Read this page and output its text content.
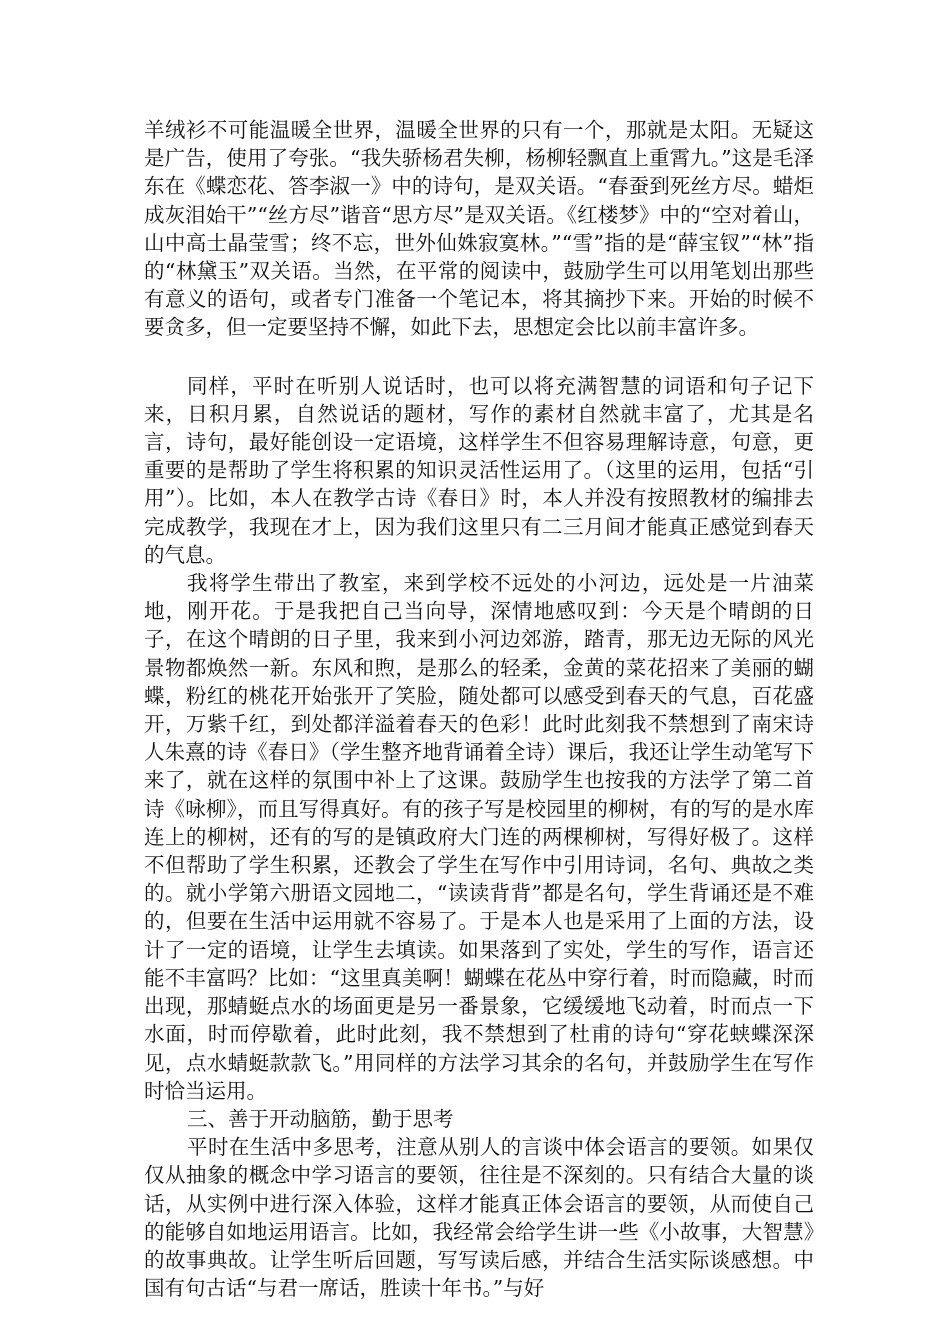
羊绒衫不可能温暖全世界，温暖全世界的只有一个，那就是太阳。无疑这是广告，使用了夸张。“我失骄杨君失柳，杨柳轻飘直上重霄九。”这是毛泽东在《蝶恋花、答李淑一》中的诗句，是双关语。“春蚕到死丝方尽。蜡炬成灰泪始干”“丝方尽”谐音“思方尽”是双关语。《红楼梦》中的“空对着山，山中高士晶莹雪；终不忘，世外仙姝寂寞林。”“雪”指的是“薛宝钗”“林”指的“林黛玉”双关语。当然，在平常的阅读中，鼓励学生可以用笔划出那些有意义的语句，或者专门准备一个笔记本，将其摘抄下来。开始的时候不要贪多，但一定要坚持不懈，如此下去，思想定会比以前丰富许多。

同样，平时在听别人说话时，也可以将充满智慧的词语和句子记下来，日积月累，自然说话的题材，写作的素材自然就丰富了，尤其是名言，诗句，最好能创设一定语境，这样学生不但容易理解诗意，句意，更重要的是帮助了学生将积累的知识灵活性运用了。（这里的运用，包括“引用”）。比如，本人在教学古诗《春日》时，本人并没有按照教材的编排去完成教学，我现在才上，因为我们这里只有二三月间才能真正感觉到春天的气息。

我将学生带出了教室，来到学校不远处的小河边，远处是一片油菜地，刚开花。于是我把自己当向导，深情地感叹到：今天是个晴朗的日子，在这个晴朗的日子里，我来到小河边郊游，踏青，那无边无际的风光景物都焕然一新。东风和煦，是那么的轻柔，金黄的菜花招来了美丽的蝴蝶，粉红的桃花开始张开了笑脸，随处都可以感受到春天的气息，百花盛开，万紫千红，到处都洋溢着春天的色彩！此时此刻我不禁想到了南宋诗人朱熹的诗《春日》（学生整齐地背诵着全诗）课后，我还让学生动笔写下来了，就在这样的氛围中补上了这课。鼓励学生也按我的方法学了第二首诗《咏柳》，而且写得真好。有的孩子写是校园里的柳树，有的写的是水库连上的柳树，还有的写的是镇政府大门连的两棵柳树，写得好极了。这样不但帮助了学生积累，还教会了学生在写作中引用诗词，名句、典故之类的。就小学第六册语文园地二，“读读背背”都是名句，学生背诵还是不难的，但要在生活中运用就不容易了。于是本人也是采用了上面的方法，设计了一定的语境，让学生去填读。如果落到了实处，学生的写作，语言还能不丰富吗？比如：“这里真美啊！蝴蝶在花丛中穿行着，时而隐藏，时而出现，那蜻蜓点水的场面更是另一番景象，它缓缓地飞动着，时而点一下水面，时而停歇着，此时此刻，我不禁想到了杜甫的诗句“穿花蛱蝶深深见，点水蜻蜓款款飞。”用同样的方法学习其余的名句，并鼓励学生在写作时恰当运用。

三、善于开动脑筋，勤于思考

平时在生活中多思考，注意从别人的言谈中体会语言的要领。如果仅仅从抽象的概念中学习语言的要领，往往是不深刻的。只有结合大量的谈话，从实例中进行深入体验，这样才能真正体会语言的要领，从而使自己的能够自如地运用语言。比如，我经常会给学生讲一些《小故事，大智慧》的故事典故。让学生听后回题，写写读后感，并结合生活实际谈感想。中国有句古话“与君一席话，胜读十年书。”与好
